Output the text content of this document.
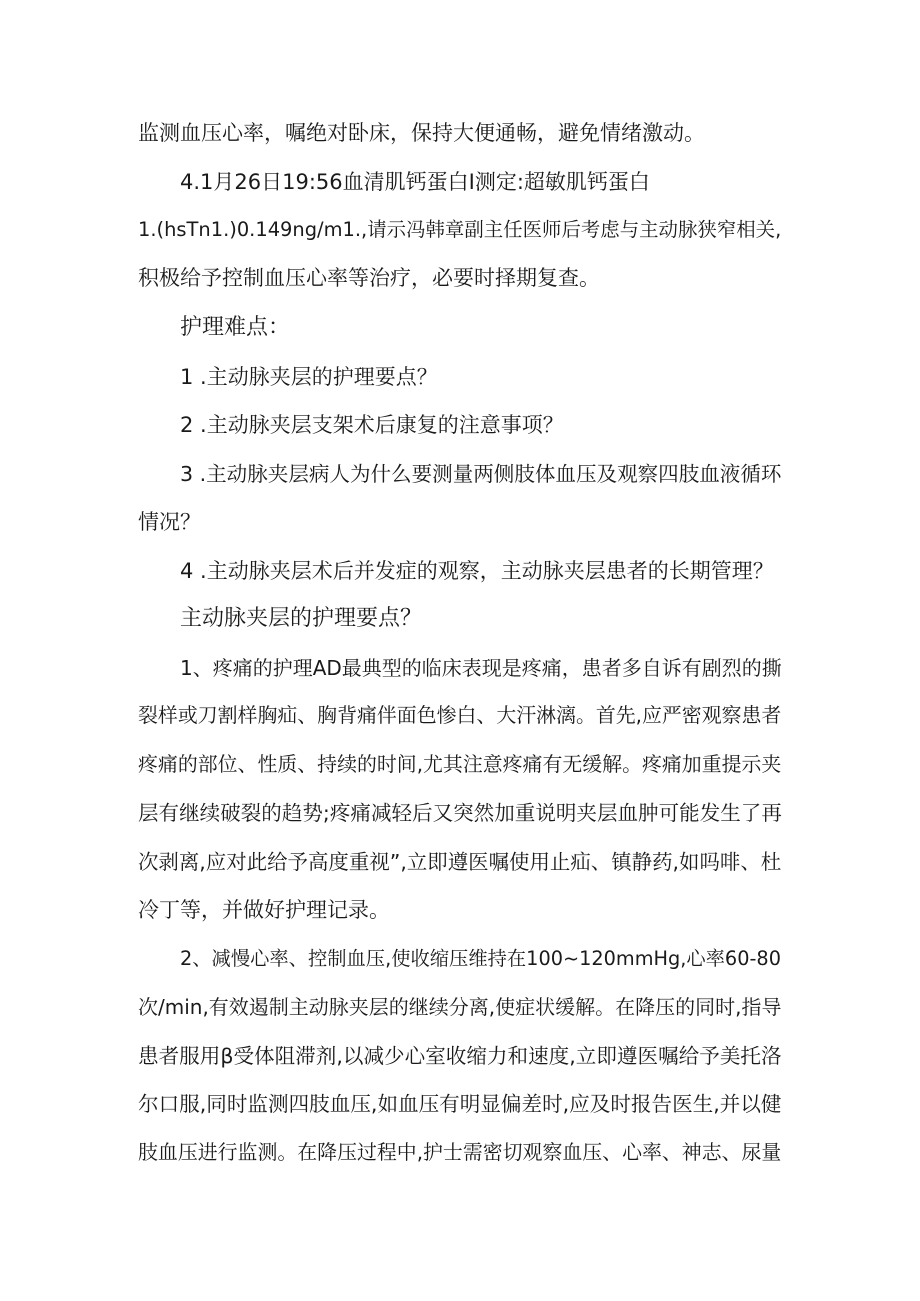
监测血压心率，嘱绝对卧床，保持大便通畅，避免情绪激动。
4.1月26日19:56血清肌钙蛋白I测定:超敏肌钙蛋白
1.(hsTn1.)0.149ng/m1.,请示冯韩章副主任医师后考虑与主动脉狭窄相关,
积极给予控制血压心率等治疗，必要时择期复查。
护理难点：
1 .主动脉夹层的护理要点？
2 .主动脉夹层支架术后康复的注意事项？
3 .主动脉夹层病人为什么要测量两侧肢体血压及观察四肢血液循环
情况？
4 .主动脉夹层术后并发症的观察，主动脉夹层患者的长期管理？
主动脉夹层的护理要点？
1、疼痛的护理AD最典型的临床表现是疼痛，患者多自诉有剧烈的撕
裂样或刀割样胸疝、胸背痛伴面色惨白、大汗淋漓。首先,应严密观察患者
疼痛的部位、性质、持续的时间,尤其注意疼痛有无缓解。疼痛加重提示夹
层有继续破裂的趋势;疼痛减轻后又突然加重说明夹层血肿可能发生了再
次剥离,应对此给予高度重视”,立即遵医嘱使用止疝、镇静药,如吗啡、杜
冷丁等，并做好护理记录。
2、减慢心率、控制血压,使收缩压维持在100~120mmHg,心率60-80
次/min,有效遏制主动脉夹层的继续分离,使症状缓解。在降压的同时,指导
患者服用β受体阻滞剂,以减少心室收缩力和速度,立即遵医嘱给予美托洛
尔口服,同时监测四肢血压,如血压有明显偏差时,应及时报告医生,并以健
肢血压进行监测。在降压过程中,护士需密切观察血压、心率、神志、尿量
